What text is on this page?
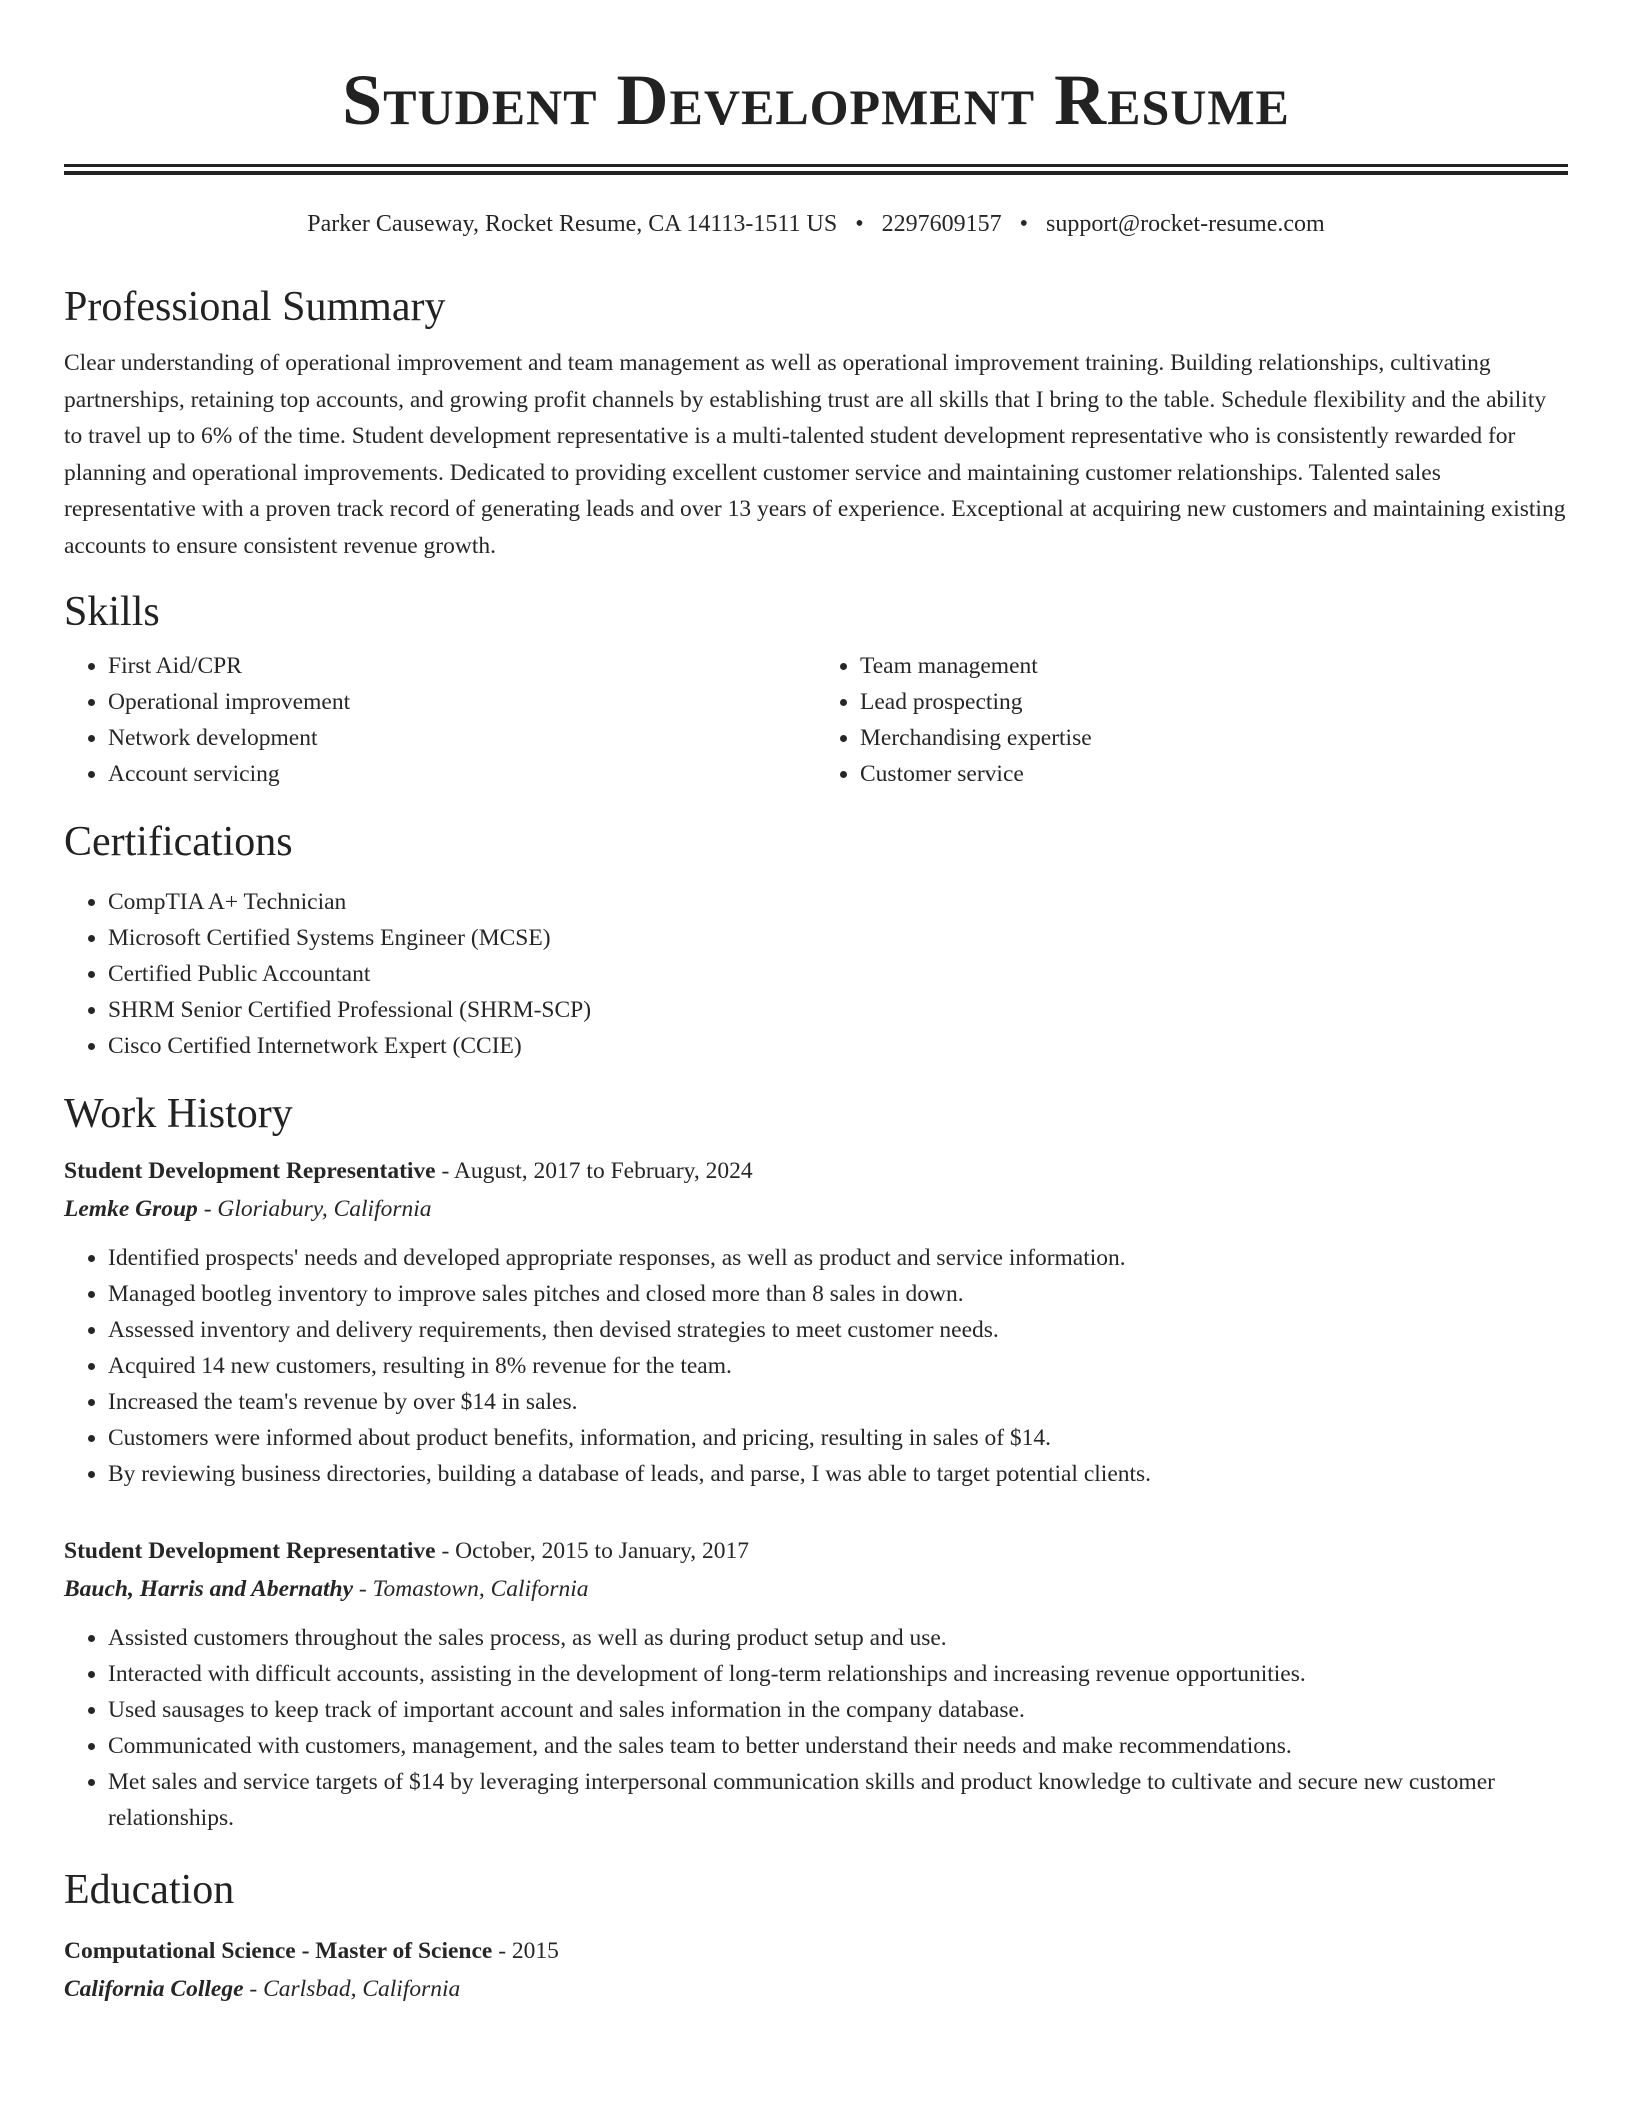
Student Development Resume
Parker Causeway, Rocket Resume, CA 14113-1511 US • 2297609157 • support@rocket-resume.com
Professional Summary

Clear understanding of operational improvement and team management as well as operational improvement training. Building relationships, cultivating partnerships, retaining top accounts, and growing profit channels by establishing trust are all skills that I bring to the table. Schedule flexibility and the ability to travel up to 6% of the time. Student development representative is a multi-talented student development representative who is consistently rewarded for planning and operational improvements. Dedicated to providing excellent customer service and maintaining customer relationships. Talented sales representative with a proven track record of generating leads and over 13 years of experience. Exceptional at acquiring new customers and maintaining existing accounts to ensure consistent revenue growth.

Skills
• First Aid/CPR
• Operational improvement
• Network development
• Account servicing
• Team management
• Lead prospecting
• Merchandising expertise
• Customer service
Certifications
• CompTIA A+ Technician
• Microsoft Certified Systems Engineer (MCSE)
• Certified Public Accountant
• SHRM Senior Certified Professional (SHRM-SCP)
• Cisco Certified Internetwork Expert (CCIE)
Work History
Student Development Representative - August, 2017 to February, 2024
Lemke Group - Gloriabury, California
• Identified prospects' needs and developed appropriate responses, as well as product and service information.
• Managed bootleg inventory to improve sales pitches and closed more than 8 sales in down.
• Assessed inventory and delivery requirements, then devised strategies to meet customer needs.
• Acquired 14 new customers, resulting in 8% revenue for the team.
• Increased the team's revenue by over $14 in sales.
• Customers were informed about product benefits, information, and pricing, resulting in sales of $14.
• By reviewing business directories, building a database of leads, and parse, I was able to target potential clients.
Student Development Representative - October, 2015 to January, 2017
Bauch, Harris and Abernathy - Tomastown, California
• Assisted customers throughout the sales process, as well as during product setup and use.
• Interacted with difficult accounts, assisting in the development of long-term relationships and increasing revenue opportunities.
• Used sausages to keep track of important account and sales information in the company database.
• Communicated with customers, management, and the sales team to better understand their needs and make recommendations.
• Met sales and service targets of $14 by leveraging interpersonal communication skills and product knowledge to cultivate and secure new customer relationships.
Education
Computational Science - Master of Science - 2015
California College - Carlsbad, California
